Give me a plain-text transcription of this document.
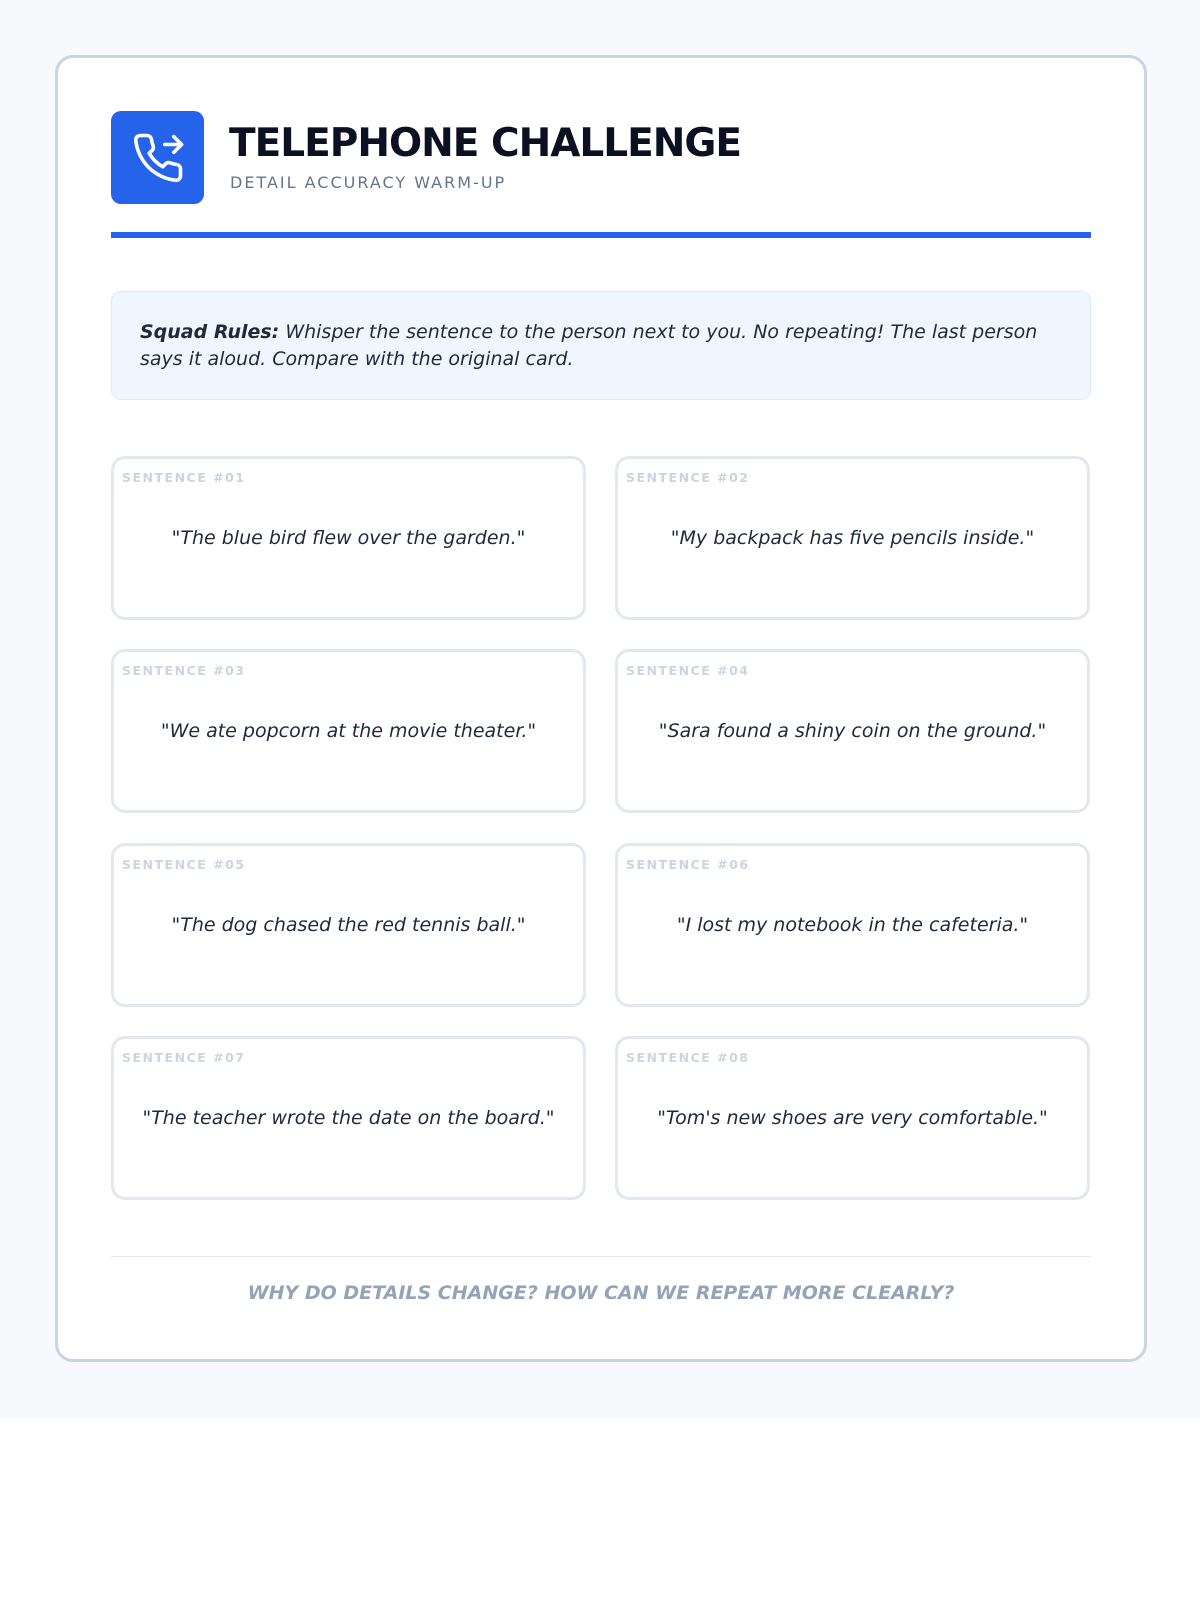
TELEPHONE CHALLENGE
DETAIL ACCURACY WARM-UP
Squad Rules: Whisper the sentence to the person next to you. No repeating! The last person says it aloud. Compare with the original card.
SENTENCE #01
"The blue bird flew over the garden."
SENTENCE #02
"My backpack has five pencils inside."
SENTENCE #03
"We ate popcorn at the movie theater."
SENTENCE #04
"Sara found a shiny coin on the ground."
SENTENCE #05
"The dog chased the red tennis ball."
SENTENCE #06
"I lost my notebook in the cafeteria."
SENTENCE #07
"The teacher wrote the date on the board."
SENTENCE #08
"Tom's new shoes are very comfortable."
WHY DO DETAILS CHANGE? HOW CAN WE REPEAT MORE CLEARLY?
